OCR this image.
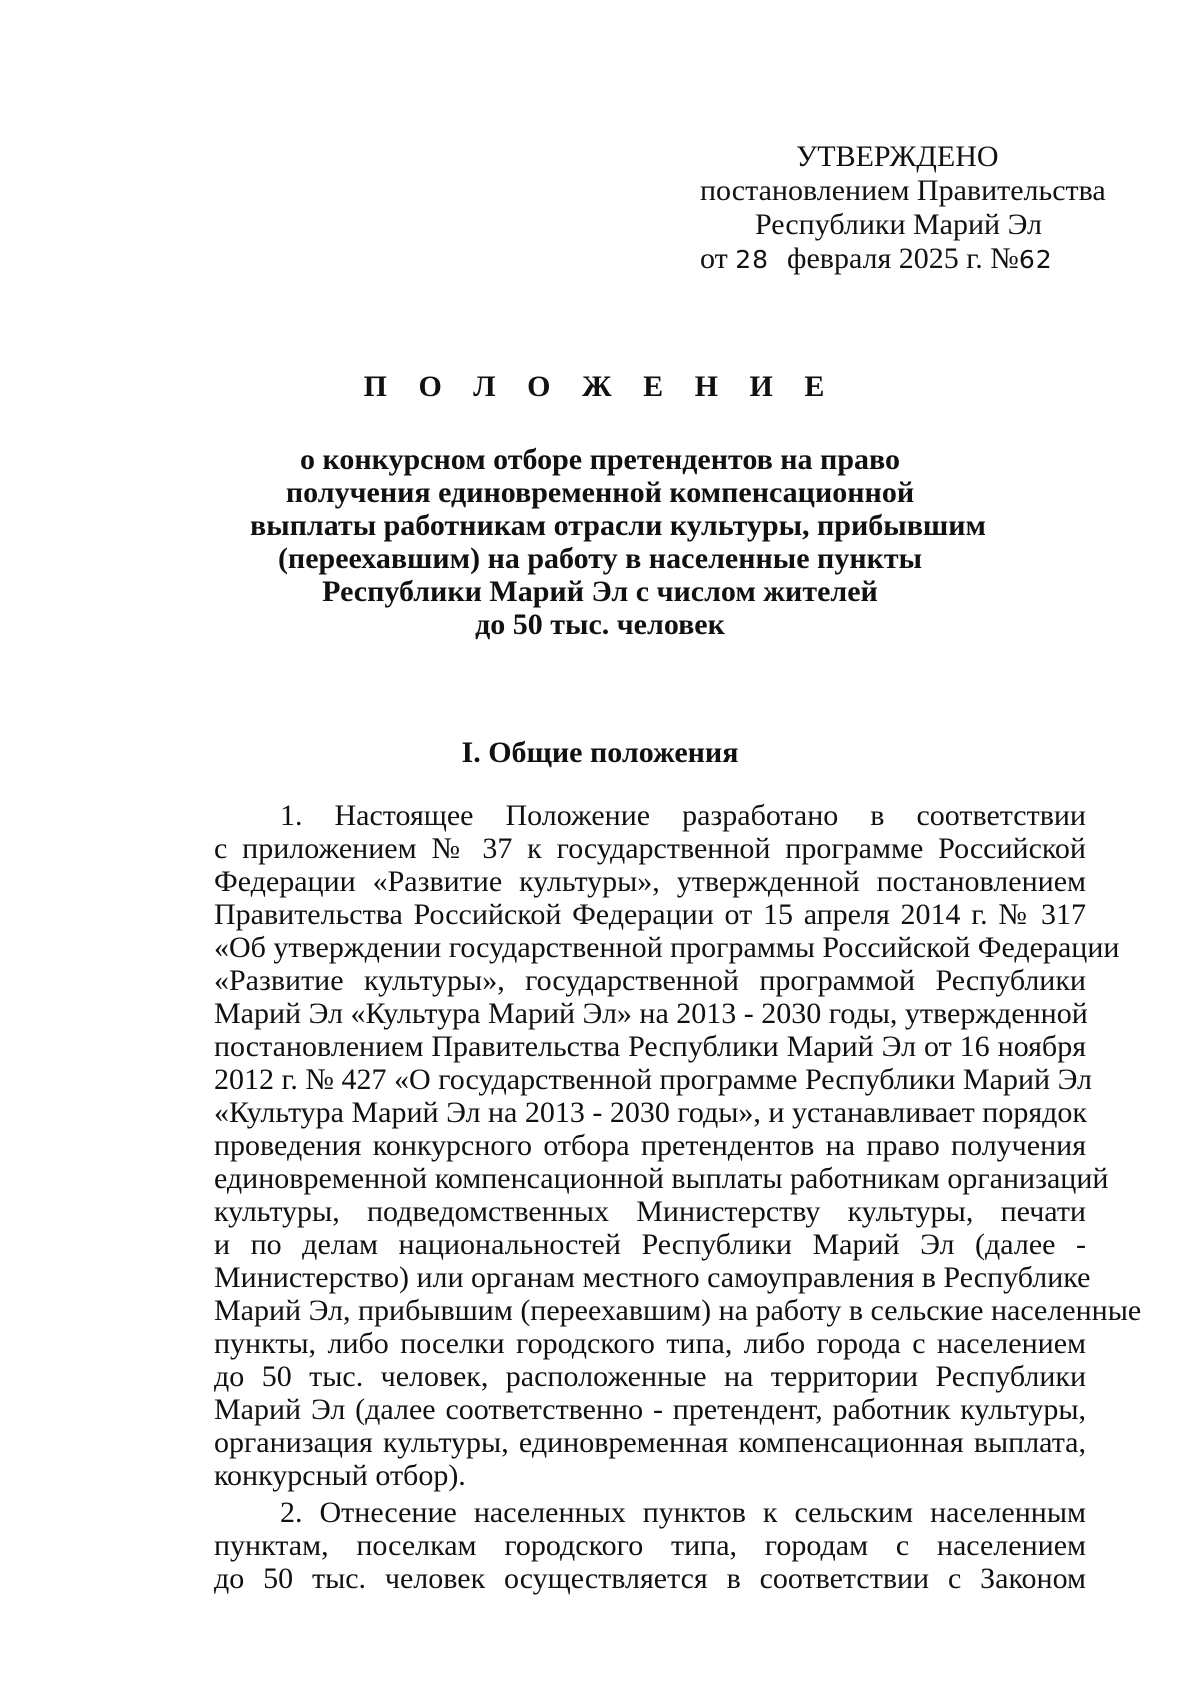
УТВЕРЖДЕНО
постановлением Правительства
Республики Марий Эл
от 28 февраля 2025 г. №62
П О Л О Ж Е Н И Е
о конкурсном отборе претендентов на право
получения единовременной компенсационной
выплаты работникам отрасли культуры, прибывшим
(переехавшим) на работу в населенные пункты
Республики Марий Эл с числом жителей
до 50 тыс. человек
I. Общие положения
1. Настоящее Положение разработано в соответствии
с приложением № 37 к государственной программе Российской
Федерации «Развитие культуры», утвержденной постановлением
Правительства Российской Федерации от 15 апреля 2014 г. № 317
«Об утверждении государственной программы Российской Федерации
«Развитие культуры», государственной программой Республики
Марий Эл «Культура Марий Эл» на 2013 - 2030 годы, утвержденной
постановлением Правительства Республики Марий Эл от 16 ноября
2012 г. № 427 «О государственной программе Республики Марий Эл
«Культура Марий Эл на 2013 - 2030 годы», и устанавливает порядок
проведения конкурсного отбора претендентов на право получения
единовременной компенсационной выплаты работникам организаций
культуры, подведомственных Министерству культуры, печати
и по делам национальностей Республики Марий Эл (далее -
Министерство) или органам местного самоуправления в Республике
Марий Эл, прибывшим (переехавшим) на работу в сельские населенные
пункты, либо поселки городского типа, либо города с населением
до 50 тыс. человек, расположенные на территории Республики
Марий Эл (далее соответственно - претендент, работник культуры,
организация культуры, единовременная компенсационная выплата,
конкурсный отбор).
2. Отнесение населенных пунктов к сельским населенным
пунктам, поселкам городского типа, городам с населением
до 50 тыс. человек осуществляется в соответствии с Законом
